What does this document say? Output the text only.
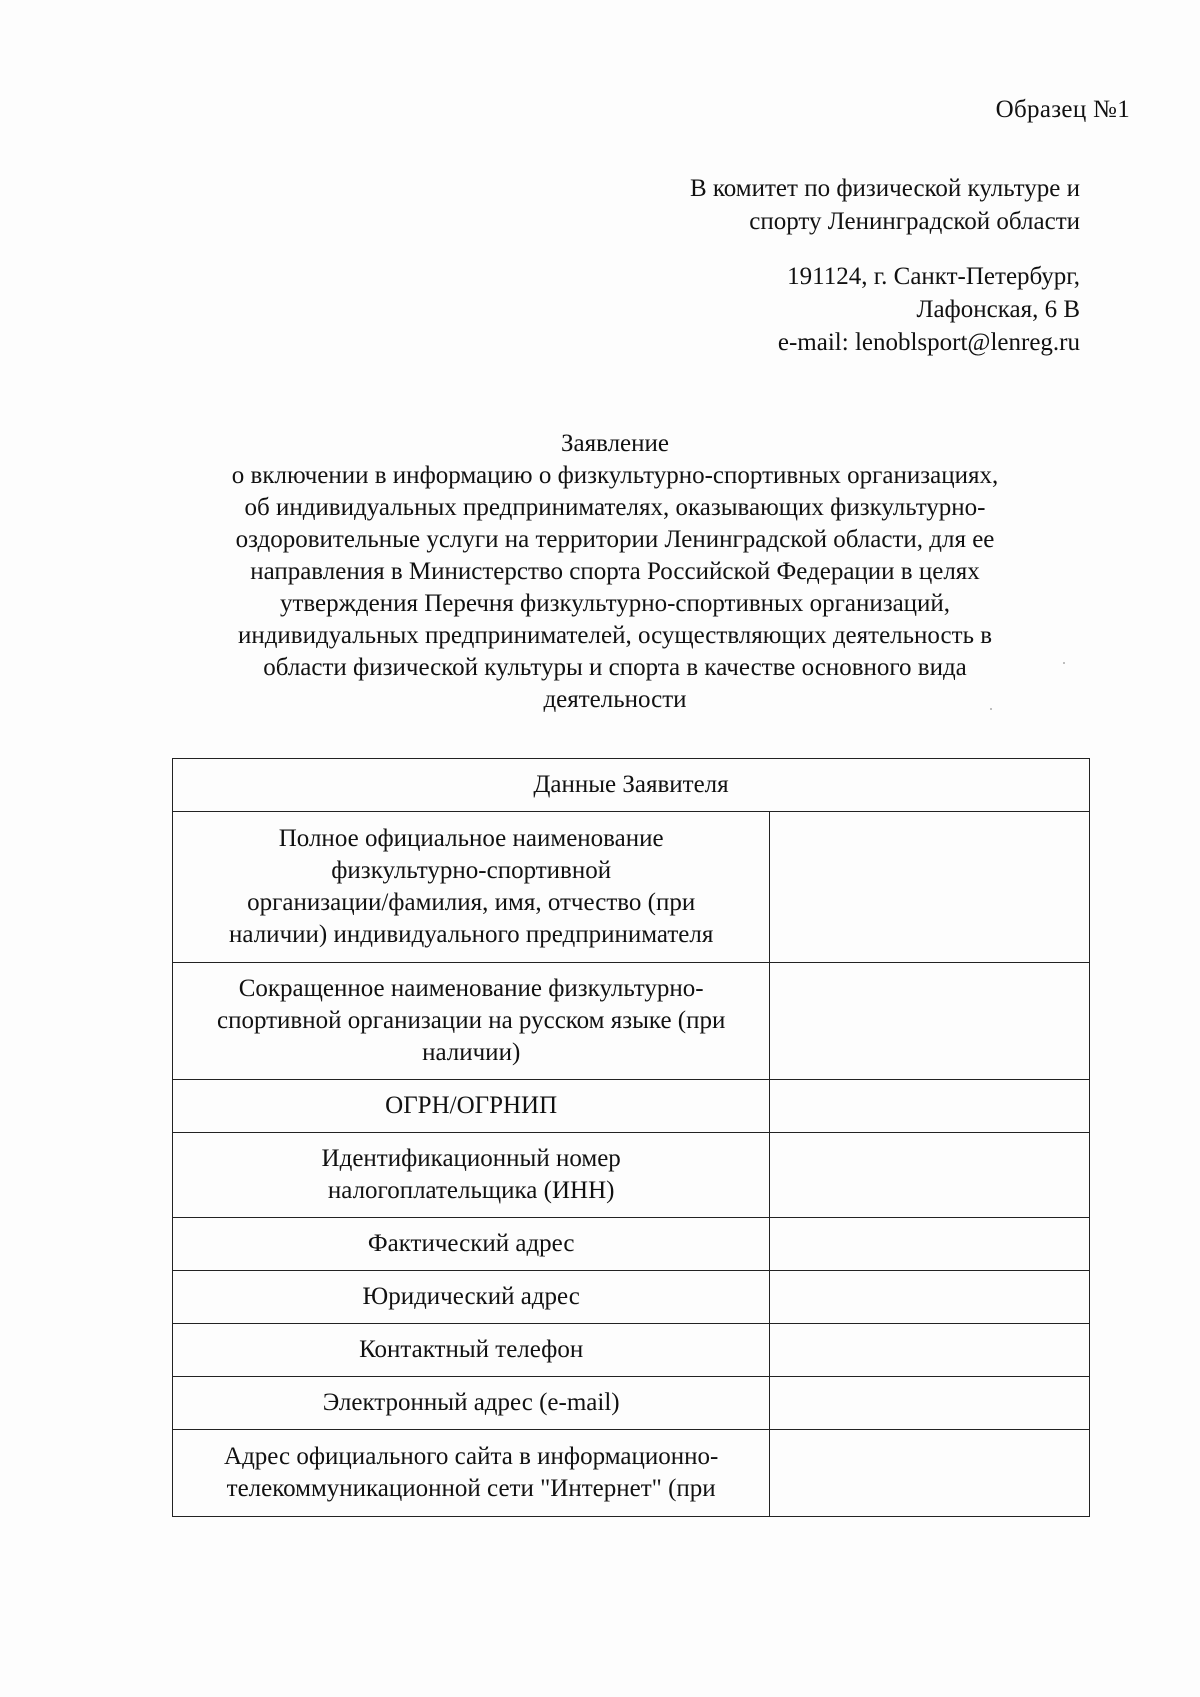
Образец №1
В комитет по физической культуре и
спорту Ленинградской области
191124, г. Санкт-Петербург,
Лафонская, 6 В
e-mail: lenoblsport@lenreg.ru
Заявление
о включении в информацию о физкультурно-спортивных организациях,
об индивидуальных предпринимателях, оказывающих физкультурно-
оздоровительные услуги на территории Ленинградской области, для ее
направления в Министерство спорта Российской Федерации в целях
утверждения Перечня физкультурно-спортивных организаций,
индивидуальных предпринимателей, осуществляющих деятельность в
области физической культуры и спорта в качестве основного вида
деятельности
Данные Заявителя	

Полное официальное наименование
физкультурно-спортивной
организации/фамилия, имя, отчество (при
наличии) индивидуального предпринимателя	

Сокращенное наименование физкультурно-
спортивной организации на русском языке (при
наличии)	

ОГРН/ОГРНИП	

Идентификационный номер
налогоплательщика (ИНН)	

Фактический адрес	

Юридический адрес	

Контактный телефон	

Электронный адрес (e-mail)	

Адрес официального сайта в информационно-
телекоммуникационной сети "Интернет" (при	
